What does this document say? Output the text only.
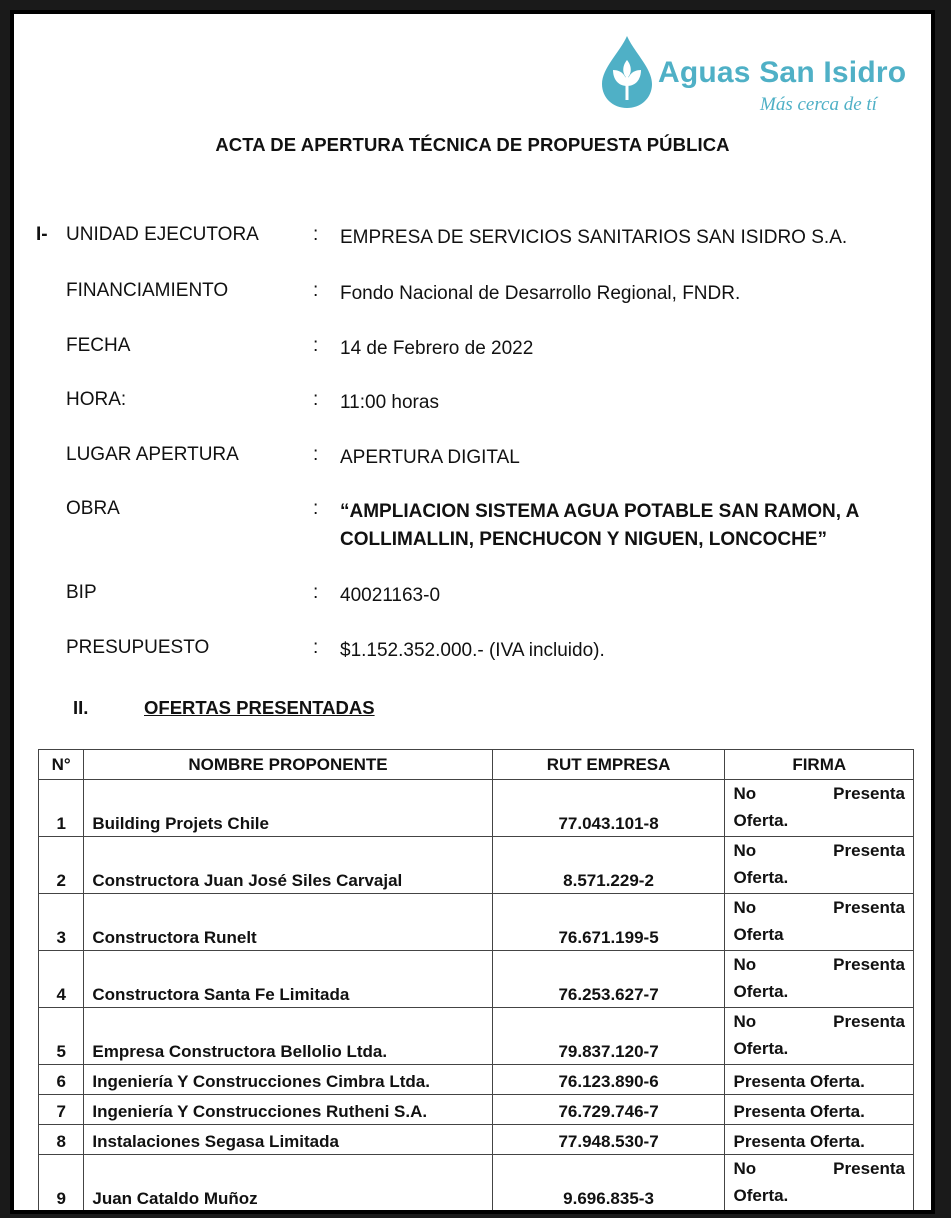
Aguas San Isidro
Más cerca de tí
ACTA DE APERTURA TÉCNICA DE PROPUESTA PÚBLICA
I- UNIDAD EJECUTORA	: EMPRESA DE SERVICIOS SANITARIOS SAN ISIDRO S.A.
FINANCIAMIENTO	: Fondo Nacional de Desarrollo Regional, FNDR.
FECHA	: 14 de Febrero de 2022
HORA:	: 11:00 horas
LUGAR APERTURA	: APERTURA DIGITAL
OBRA	: “AMPLIACION SISTEMA AGUA POTABLE SAN RAMON, A COLLIMALLIN, PENCHUCON Y NIGUEN, LONCOCHE”
BIP	: 40021163-0
PRESUPUESTO	: $1.152.352.000.- (IVA incluido).
II.	OFERTAS PRESENTADAS
N°	NOMBRE PROPONENTE	RUT EMPRESA	FIRMA
1	Building Projets Chile	77.043.101-8	No Presenta
Oferta.

2	Constructora Juan José Siles Carvajal	8.571.229-2	No Presenta
Oferta.

3	Constructora Runelt	76.671.199-5	No Presenta
Oferta

4	Constructora Santa Fe Limitada	76.253.627-7	No Presenta
Oferta.

5	Empresa Constructora Bellolio Ltda.	79.837.120-7	No Presenta
Oferta.

6	Ingeniería Y Construcciones Cimbra Ltda.	76.123.890-6	Presenta Oferta.
7	Ingeniería Y Construcciones Rutheni S.A.	76.729.746-7	Presenta Oferta.
8	Instalaciones Segasa Limitada	77.948.530-7	Presenta Oferta.
9	Juan Cataldo Muñoz	9.696.835-3	No Presenta
Oferta.
